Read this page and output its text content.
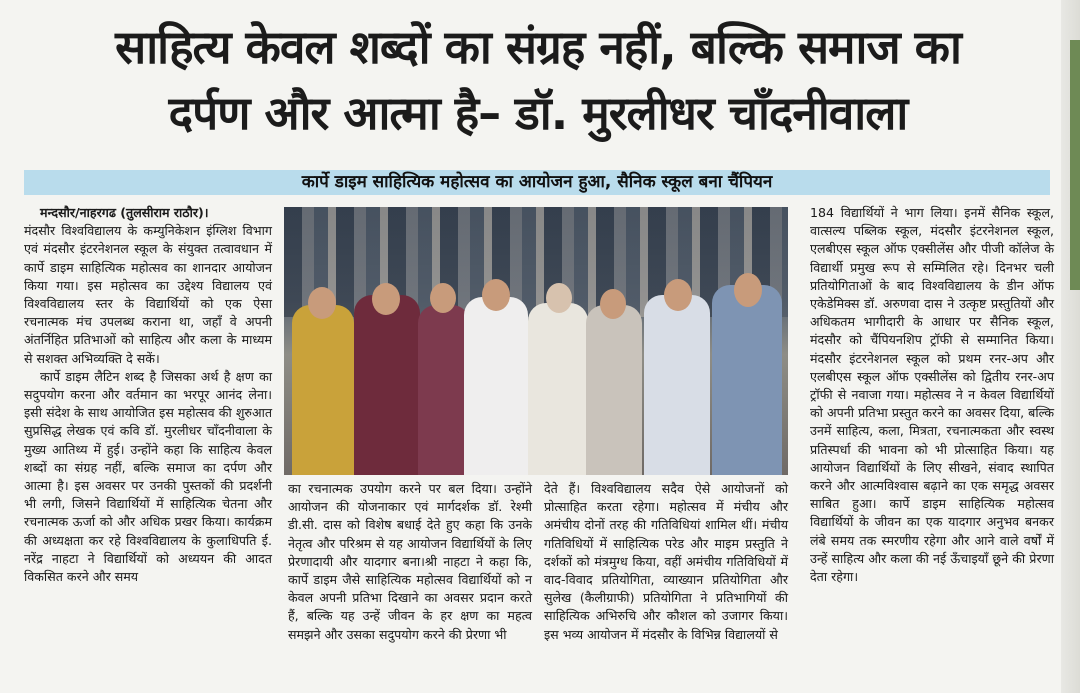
साहित्य केवल शब्दों का संग्रह नहीं, बल्कि समाज का
दर्पण और आत्मा है– डॉ. मुरलीधर चाँदनीवाला
कार्पे डाइम साहित्यिक महोत्सव का आयोजन हुआ, सैनिक स्कूल बना चैंपियन

मन्दसौर/नाहरगढ (तुलसीराम राठौर)।

मंदसौर विश्वविद्यालय के कम्युनिकेशन इंग्लिश विभाग एवं मंदसौर इंटरनेशनल स्कूल के संयुक्त तत्वावधान में कार्पे डाइम साहित्यिक महोत्सव का शानदार आयोजन किया गया। इस महोत्सव का उद्देश्य विद्यालय एवं विश्वविद्यालय स्तर के विद्यार्थियों को एक ऐसा रचनात्मक मंच उपलब्ध कराना था, जहाँ वे अपनी अंतर्निहित प्रतिभाओं को साहित्य और कला के माध्यम से सशक्त अभिव्यक्ति दे सकें।

कार्पे डाइम लैटिन शब्द है जिसका अर्थ है क्षण का सदुपयोग करना और वर्तमान का भरपूर आनंद लेना। इसी संदेश के साथ आयोजित इस महोत्सव की शुरुआत सुप्रसिद्ध लेखक एवं कवि डॉ. मुरलीधर चाँदनीवाला के मुख्य आतिथ्य में हुई। उन्होंने कहा कि साहित्य केवल शब्दों का संग्रह नहीं, बल्कि समाज का दर्पण और आत्मा है। इस अवसर पर उनकी पुस्तकों की प्रदर्शनी भी लगी, जिसने विद्यार्थियों में साहित्यिक चेतना और रचनात्मक ऊर्जा को और अधिक प्रखर किया। कार्यक्रम की अध्यक्षता कर रहे विश्वविद्यालय के कुलाधिपति ई. नरेंद्र नाहटा ने विद्यार्थियों को अध्ययन की आदत विकसित करने और समय

का रचनात्मक उपयोग करने पर बल दिया। उन्होंने आयोजन की योजनाकार एवं मार्गदर्शक डॉ. रेश्मी डी.सी. दास को विशेष बधाई देते हुए कहा कि उनके नेतृत्व और परिश्रम से यह आयोजन विद्यार्थियों के लिए प्रेरणादायी और यादगार बना।श्री नाहटा ने कहा कि, कार्पे डाइम जैसे साहित्यिक महोत्सव विद्यार्थियों को न केवल अपनी प्रतिभा दिखाने का अवसर प्रदान करते हैं, बल्कि यह उन्हें जीवन के हर क्षण का महत्व समझने और उसका सदुपयोग करने की प्रेरणा भी
देते हैं। विश्वविद्यालय सदैव ऐसे आयोजनों को प्रोत्साहित करता रहेगा। महोत्सव में मंचीय और अमंचीय दोनों तरह की गतिविधियां शामिल थीं। मंचीय गतिविधियों में साहित्यिक परेड और माइम प्रस्तुति ने दर्शकों को मंत्रमुग्ध किया, वहीं अमंचीय गतिविधियों में वाद-विवाद प्रतियोगिता, व्याख्यान प्रतियोगिता और सुलेख (कैलीग्राफी) प्रतियोगिता ने प्रतिभागियों की साहित्यिक अभिरुचि और कौशल को उजागर किया। इस भव्य आयोजन में मंदसौर के विभिन्न विद्यालयों से
184 विद्यार्थियों ने भाग लिया। इनमें सैनिक स्कूल, वात्सल्य पब्लिक स्कूल, मंदसौर इंटरनेशनल स्कूल, एलबीएस स्कूल ऑफ एक्सीलेंस और पीजी कॉलेज के विद्यार्थी प्रमुख रूप से सम्मिलित रहे। दिनभर चली प्रतियोगिताओं के बाद विश्वविद्यालय के डीन ऑफ एकेडेमिक्स डॉ. अरुणवा दास ने उत्कृष्ट प्रस्तुतियों और अधिकतम भागीदारी के आधार पर सैनिक स्कूल, मंदसौर को चैंपियनशिप ट्रॉफी से सम्मानित किया। मंदसौर इंटरनेशनल स्कूल को प्रथम रनर-अप और एलबीएस स्कूल ऑफ एक्सीलेंस को द्वितीय रनर-अप ट्रॉफी से नवाजा गया। महोत्सव ने न केवल विद्यार्थियों को अपनी प्रतिभा प्रस्तुत करने का अवसर दिया, बल्कि उनमें साहित्य, कला, मित्रता, रचनात्मकता और स्वस्थ प्रतिस्पर्धा की भावना को भी प्रोत्साहित किया। यह आयोजन विद्यार्थियों के लिए सीखने, संवाद स्थापित करने और आत्मविश्वास बढ़ाने का एक समृद्ध अवसर साबित हुआ। कार्पे डाइम साहित्यिक महोत्सव विद्यार्थियों के जीवन का एक यादगार अनुभव बनकर लंबे समय तक स्मरणीय रहेगा और आने वाले वर्षों में उन्हें साहित्य और कला की नई ऊँचाइयाँ छूने की प्रेरणा देता रहेगा।
